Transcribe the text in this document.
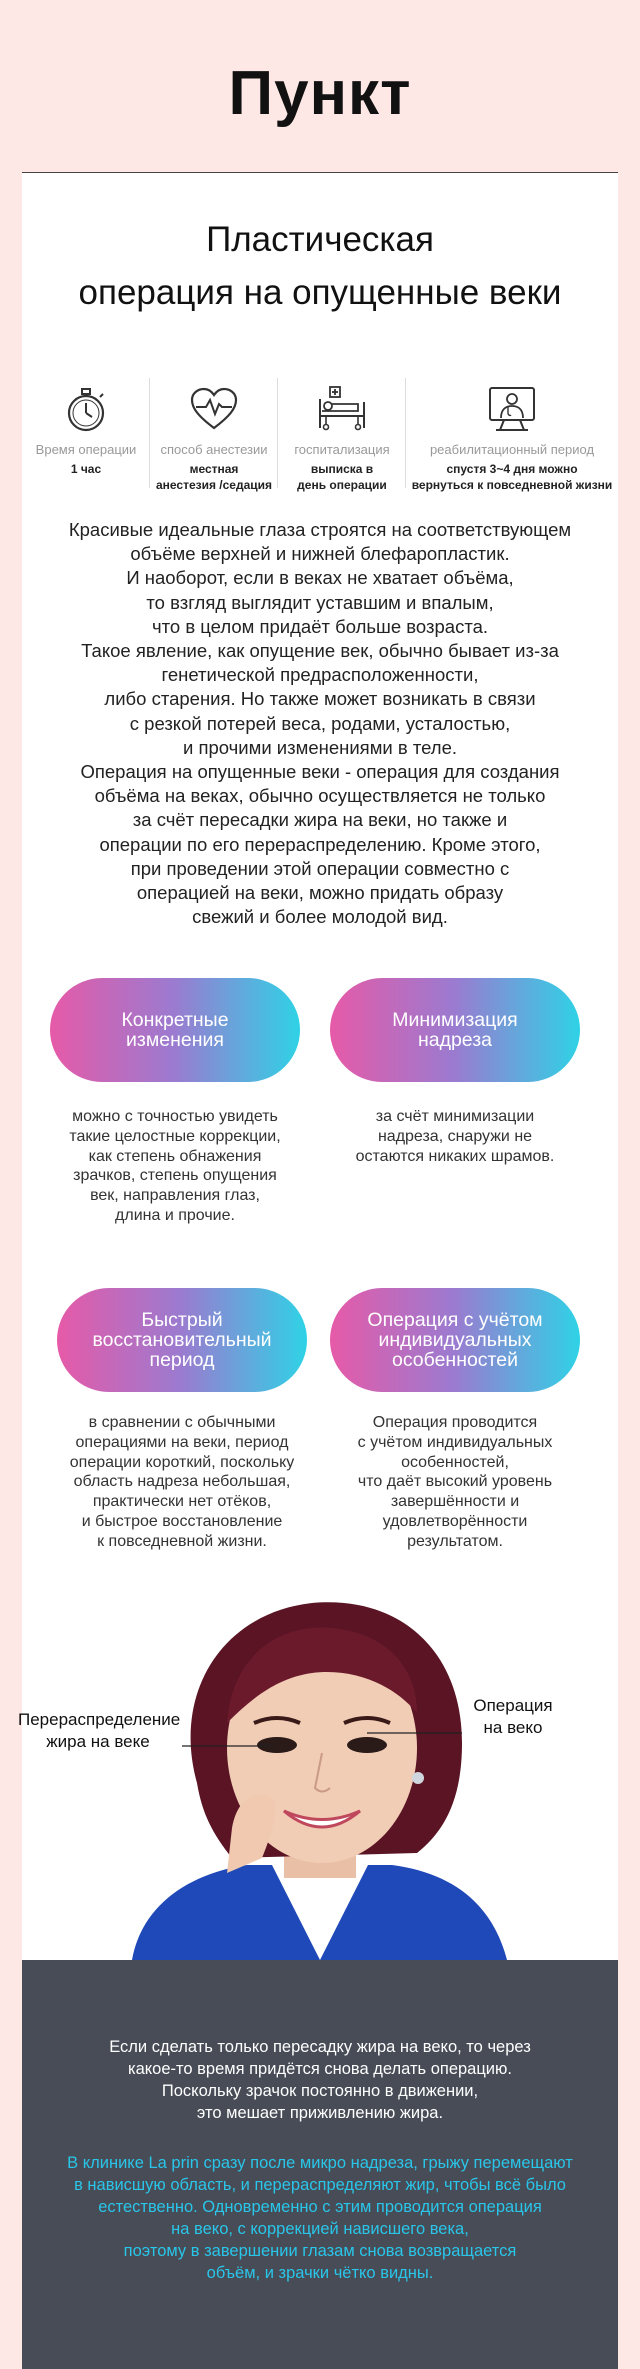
Пункт
Пластическая
операция на опущенные веки
Время операции
1 час
способ анестезии
местная
анестезия /седация
госпитализация
выписка в
день операции
реабилитационный период
спустя 3~4 дня можно
вернуться к повседневной жизни
Красивые идеальные глаза строятся на соответствующем
объёме верхней и нижней блефаропластик.
И наоборот, если в веках не хватает объёма,
то взгляд выглядит уставшим и впалым,
что в целом придаёт больше возраста.
Такое явление, как опущение век, обычно бывает из-за
генетической предрасположенности,
либо старения. Но также может возникать в связи
с резкой потерей веса, родами, усталостью,
и прочими изменениями в теле.
Операция на опущенные веки - операция для создания
объёма на веках, обычно осуществляется не только
за счёт пересадки жира на веки, но также и
операции по его перераспределению. Кроме этого,
при проведении этой операции совместно с
операцией на веки, можно придать образу
свежий и более молодой вид.
Конкретные изменения
можно с точностью увидеть
такие целостные коррекции,
как степень обнажения
зрачков, степень опущения
век, направления глаз,
длина и прочие.
Минимизация надреза
за счёт минимизации
надреза, снаружи не
остаются никаких шрамов.
Быстрый
восстановительный
период
в сравнении с обычными
операциями на веки, период
операции короткий, поскольку
область надреза небольшая,
практически нет отёков,
и быстрое восстановление
к повседневной жизни.
Операция с учётом
индивидуальных
особенностей
Операция проводится
с учётом индивидуальных
особенностей,
что даёт высокий уровень
завершённости и
удовлетворённости
результатом.
Перераспределение
жира на веке
Операция
на веко
Если сделать только пересадку жира на веко, то через
какое-то время придётся снова делать операцию.
Поскольку зрачок постоянно в движении,
это мешает приживлению жира.
В клинике La prin сразу после микро надреза, грыжу перемещают
в нависшую область, и перераспределяют жир, чтобы всё было
естественно. Одновременно с этим проводится операция
на веко, с коррекцией нависшего века,
поэтому в завершении глазам снова возвращается
объём, и зрачки чётко видны.
